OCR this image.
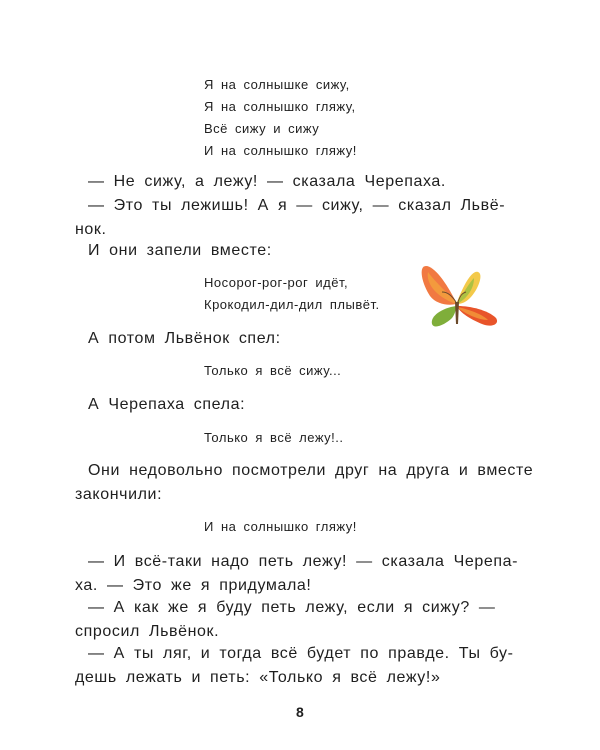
Я на солнышке сижу,
Я на солнышко гляжу,
Всё сижу и сижу
И на солнышко гляжу!
— Не сижу, а лежу! — сказала Черепаха.
— Это ты лежишь! А я — сижу, — сказал Львё-
нок.
И они запели вместе:
Носорог-рог-рог идёт,
Крокодил-дил-дил плывёт.
А потом Львёнок спел:
Только я всё сижу...
А Черепаха спела:
Только я всё лежу!..
Они недовольно посмотрели друг на друга и вместе
закончили:
И на солнышко гляжу!
— И всё-таки надо петь лежу! — сказала Черепа-
ха. — Это же я придумала!
— А как же я буду петь лежу, если я сижу? —
спросил Львёнок.
— А ты ляг, и тогда всё будет по правде. Ты бу-
дешь лежать и петь: «Только я всё лежу!»
8
